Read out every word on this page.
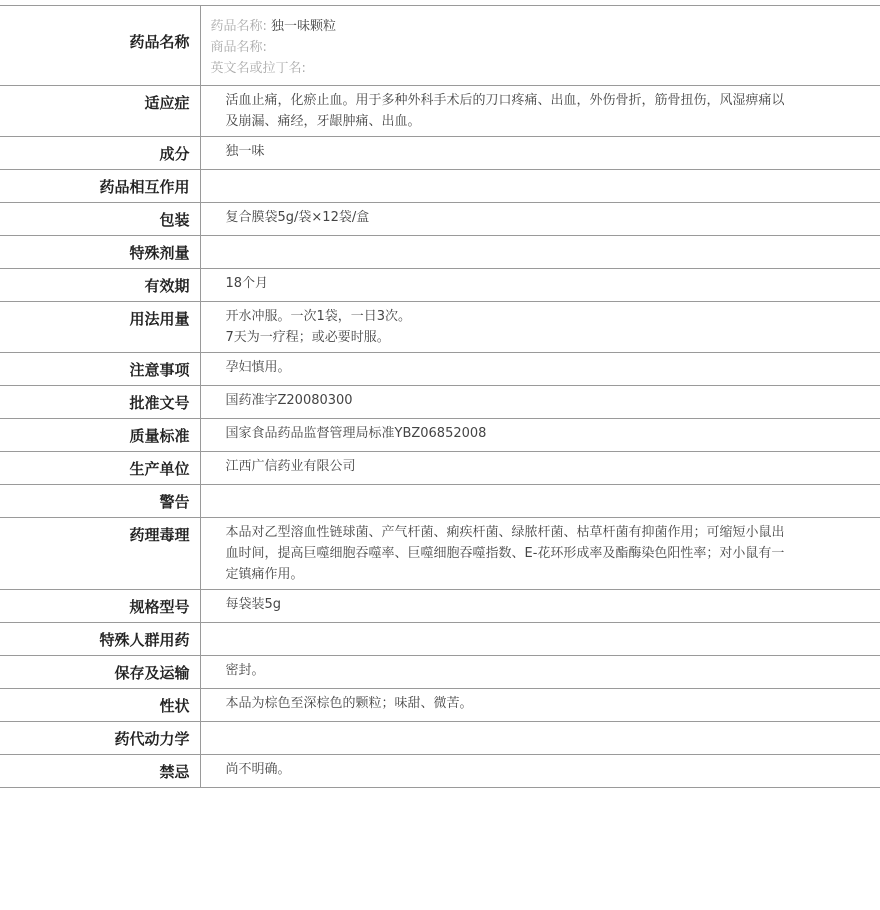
药品名称	药品名称: 独一味颗粒
商品名称:
英文名或拉丁名:

适应症	活血止痛，化瘀止血。用于多种外科手术后的刀口疼痛、出血，外伤骨折，筋骨扭伤，风湿痹痛以及崩漏、痛经，牙龈肿痛、出血。

成分	独一味

药品相互作用	

包装	复合膜袋5g/袋×12袋/盒

特殊剂量	

有效期	18个月

用法用量	开水冲服。一次1袋，一日3次。
7天为一疗程；或必要时服。

注意事项	孕妇慎用。

批准文号	国药准字Z20080300

质量标准	国家食品药品监督管理局标准YBZ06852008

生产单位	江西广信药业有限公司

警告	

药理毒理	本品对乙型溶血性链球菌、产气杆菌、痢疾杆菌、绿脓杆菌、枯草杆菌有抑菌作用；可缩短小鼠出血时间，提高巨噬细胞吞噬率、巨噬细胞吞噬指数、E-花环形成率及酯酶染色阳性率；对小鼠有一定镇痛作用。

规格型号	每袋装5g

特殊人群用药	

保存及运输	密封。

性状	本品为棕色至深棕色的颗粒；味甜、微苦。

药代动力学	

禁忌	尚不明确。
